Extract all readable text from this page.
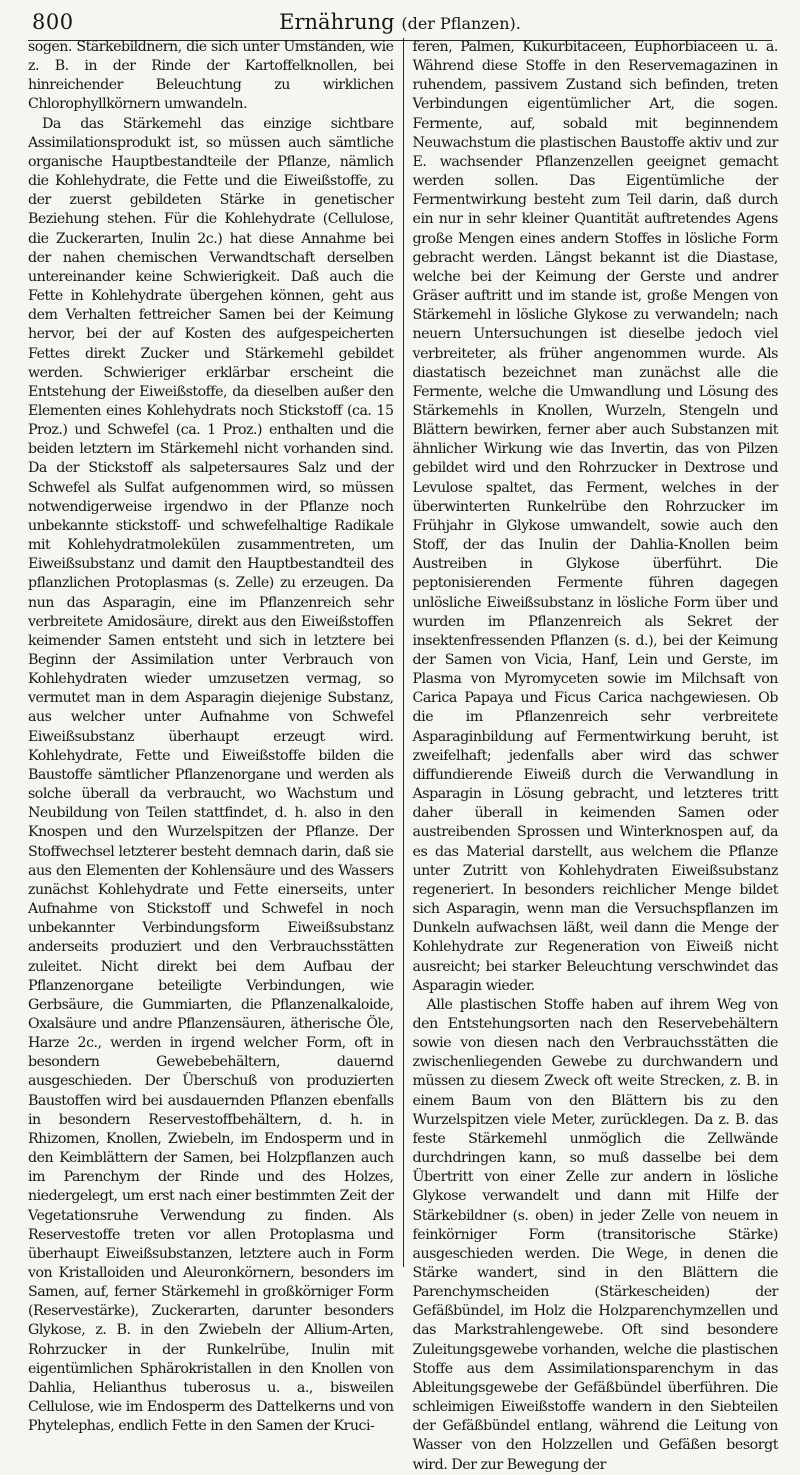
800	Ernährung (der Pflanzen).

sogen. Stärkebildnern, die sich unter Umständen, wie z. B. in der Rinde der Kartoffelknollen, bei hinreichender Beleuchtung zu wirklichen Chlorophyllkörnern umwandeln.

Da das Stärkemehl das einzige sichtbare Assimilationsprodukt ist, so müssen auch sämtliche organische Hauptbestandteile der Pflanze, nämlich die Kohlehydrate, die Fette und die Eiweißstoffe, zu der zuerst gebildeten Stärke in genetischer Beziehung stehen. Für die Kohlehydrate (Cellulose, die Zuckerarten, Inulin 2c.) hat diese Annahme bei der nahen chemischen Verwandtschaft derselben untereinander keine Schwierigkeit. Daß auch die Fette in Kohlehydrate übergehen können, geht aus dem Verhalten fettreicher Samen bei der Keimung hervor, bei der auf Kosten des aufgespeicherten Fettes direkt Zucker und Stärkemehl gebildet werden. Schwieriger erklärbar erscheint die Entstehung der Eiweißstoffe, da dieselben außer den Elementen eines Kohlehydrats noch Stickstoff (ca. 15 Proz.) und Schwefel (ca. 1 Proz.) enthalten und die beiden letztern im Stärkemehl nicht vorhanden sind. Da der Stickstoff als salpetersaures Salz und der Schwefel als Sulfat aufgenommen wird, so müssen notwendigerweise irgendwo in der Pflanze noch unbekannte stickstoff- und schwefelhaltige Radikale mit Kohlehydratmolekülen zusammentreten, um Eiweißsubstanz und damit den Hauptbestandteil des pflanzlichen Protoplasmas (s. Zelle) zu erzeugen. Da nun das Asparagin, eine im Pflanzenreich sehr verbreitete Amidosäure, direkt aus den Eiweißstoffen keimender Samen entsteht und sich in letztere bei Beginn der Assimilation unter Verbrauch von Kohlehydraten wieder umzusetzen vermag, so vermutet man in dem Asparagin diejenige Substanz, aus welcher unter Aufnahme von Schwefel Eiweißsubstanz überhaupt erzeugt wird. Kohlehydrate, Fette und Eiweißstoffe bilden die Baustoffe sämtlicher Pflanzenorgane und werden als solche überall da verbraucht, wo Wachstum und Neubildung von Teilen stattfindet, d. h. also in den Knospen und den Wurzelspitzen der Pflanze. Der Stoffwechsel letzterer besteht demnach darin, daß sie aus den Elementen der Kohlensäure und des Wassers zunächst Kohlehydrate und Fette einerseits, unter Aufnahme von Stickstoff und Schwefel in noch unbekannter Verbindungsform Eiweißsubstanz anderseits produziert und den Verbrauchsstätten zuleitet. Nicht direkt bei dem Aufbau der Pflanzenorgane beteiligte Verbindungen, wie Gerbsäure, die Gummiarten, die Pflanzenalkaloide, Oxalsäure und andre Pflanzensäuren, ätherische Öle, Harze 2c., werden in irgend welcher Form, oft in besondern Gewebebehältern, dauernd ausgeschieden. Der Überschuß von produzierten Baustoffen wird bei ausdauernden Pflanzen ebenfalls in besondern Reservestoffbehältern, d. h. in Rhizomen, Knollen, Zwiebeln, im Endosperm und in den Keimblättern der Samen, bei Holzpflanzen auch im Parenchym der Rinde und des Holzes, niedergelegt, um erst nach einer bestimmten Zeit der Vegetationsruhe Verwendung zu finden. Als Reservestoffe treten vor allen Protoplasma und überhaupt Eiweißsubstanzen, letztere auch in Form von Kristalloiden und Aleuronkörnern, besonders im Samen, auf, ferner Stärkemehl in großkörniger Form (Reservestärke), Zuckerarten, darunter besonders Glykose, z. B. in den Zwiebeln der Allium-Arten, Rohrzucker in der Runkelrübe, Inulin mit eigentümlichen Sphärokristallen in den Knollen von Dahlia, Helianthus tuberosus u. a., bisweilen Cellulose, wie im Endosperm des Dattelkerns und von Phytelephas, endlich Fette in den Samen der Kruci-

feren, Palmen, Kukurbitaceen, Euphorbiaceen u. a. Während diese Stoffe in den Reservemagazinen in ruhendem, passivem Zustand sich befinden, treten Verbindungen eigentümlicher Art, die sogen. Fermente, auf, sobald mit beginnendem Neuwachstum die plastischen Baustoffe aktiv und zur E. wachsender Pflanzenzellen geeignet gemacht werden sollen. Das Eigentümliche der Fermentwirkung besteht zum Teil darin, daß durch ein nur in sehr kleiner Quantität auftretendes Agens große Mengen eines andern Stoffes in lösliche Form gebracht werden. Längst bekannt ist die Diastase, welche bei der Keimung der Gerste und andrer Gräser auftritt und im stande ist, große Mengen von Stärkemehl in lösliche Glykose zu verwandeln; nach neuern Untersuchungen ist dieselbe jedoch viel verbreiteter, als früher angenommen wurde. Als diastatisch bezeichnet man zunächst alle die Fermente, welche die Umwandlung und Lösung des Stärkemehls in Knollen, Wurzeln, Stengeln und Blättern bewirken, ferner aber auch Substanzen mit ähnlicher Wirkung wie das Invertin, das von Pilzen gebildet wird und den Rohrzucker in Dextrose und Levulose spaltet, das Ferment, welches in der überwinterten Runkelrübe den Rohrzucker im Frühjahr in Glykose umwandelt, sowie auch den Stoff, der das Inulin der Dahlia-Knollen beim Austreiben in Glykose überführt. Die peptonisierenden Fermente führen dagegen unlösliche Eiweißsubstanz in lösliche Form über und wurden im Pflanzenreich als Sekret der insektenfressenden Pflanzen (s. d.), bei der Keimung der Samen von Vicia, Hanf, Lein und Gerste, im Plasma von Myromyceten sowie im Milchsaft von Carica Papaya und Ficus Carica nachgewiesen. Ob die im Pflanzenreich sehr verbreitete Asparaginbildung auf Fermentwirkung beruht, ist zweifelhaft; jedenfalls aber wird das schwer diffundierende Eiweiß durch die Verwandlung in Asparagin in Lösung gebracht, und letzteres tritt daher überall in keimenden Samen oder austreibenden Sprossen und Winterknospen auf, da es das Material darstellt, aus welchem die Pflanze unter Zutritt von Kohlehydraten Eiweißsubstanz regeneriert. In besonders reichlicher Menge bildet sich Asparagin, wenn man die Versuchspflanzen im Dunkeln aufwachsen läßt, weil dann die Menge der Kohlehydrate zur Regeneration von Eiweiß nicht ausreicht; bei starker Beleuchtung verschwindet das Asparagin wieder.

Alle plastischen Stoffe haben auf ihrem Weg von den Entstehungsorten nach den Reservebehältern sowie von diesen nach den Verbrauchsstätten die zwischenliegenden Gewebe zu durchwandern und müssen zu diesem Zweck oft weite Strecken, z. B. in einem Baum von den Blättern bis zu den Wurzelspitzen viele Meter, zurücklegen. Da z. B. das feste Stärkemehl unmöglich die Zellwände durchdringen kann, so muß dasselbe bei dem Übertritt von einer Zelle zur andern in lösliche Glykose verwandelt und dann mit Hilfe der Stärkebildner (s. oben) in jeder Zelle von neuem in feinkörniger Form (transitorische Stärke) ausgeschieden werden. Die Wege, in denen die Stärke wandert, sind in den Blättern die Parenchymscheiden (Stärkescheiden) der Gefäßbündel, im Holz die Holzparenchymzellen und das Markstrahlengewebe. Oft sind besondere Zuleitungsgewebe vorhanden, welche die plastischen Stoffe aus dem Assimilationsparenchym in das Ableitungsgewebe der Gefäßbündel überführen. Die schleimigen Eiweißstoffe wandern in den Siebteilen der Gefäßbündel entlang, während die Leitung von Wasser von den Holzzellen und Gefäßen besorgt wird. Der zur Bewegung der
